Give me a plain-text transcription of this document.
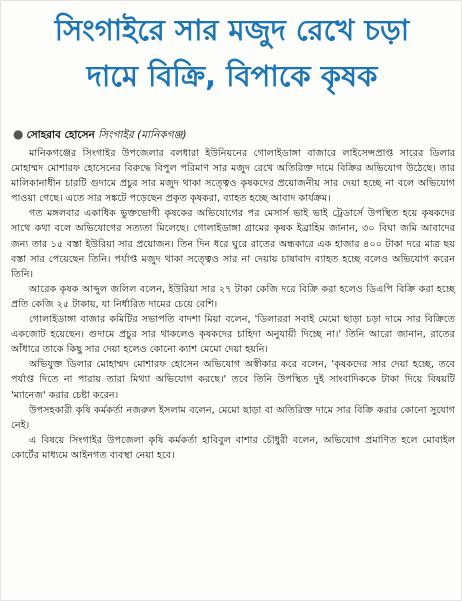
সিংগাইরে সার মজুদ রেখে চড়া
দামে বিক্রি, বিপাকে কৃষক
● সোহরাব হোসেন সিংগাইর (মানিকগঞ্জ)

মানিকগঞ্জের সিংগাইর উপজেলার বলধারা ইউনিয়নের গোলাইডাঙ্গা বাজারে লাইসেন্সপ্রাপ্ত সারের ডিলার মোহাম্মদ মোশারফ হোসেনের বিরুদ্ধে বিপুল পরিমাণ সার মজুদ রেখে অতিরিক্ত দামে বিক্রির অভিযোগ উঠেছে। তার মালিকানাধীন চারটি গুদামে প্রচুর সার মজুদ থাকা সত্ত্বেও কৃষকদের প্রয়োজনীয় সার দেয়া হচ্ছে না বলে অভিযোগ পাওয়া গেছে। এতে সার সঙ্কটে পড়েছেন প্রকৃত কৃষকরা, ব্যাহত হচ্ছে আবাদ কার্যক্রম।

গত মঙ্গলবার একাধিক ভুক্তভোগী কৃষকের অভিযোগের পর মেসার্স ভাই ভাই ট্রেডার্সে উপস্থিত হয়ে কৃষকদের সাথে কথা বলে অভিযোগের সত্যতা মিলেছে। গোলাইডাঙ্গা গ্রামের কৃষক ইব্রাহিম জানান, ৩০ বিঘা জমি আবাদের জন্য তার ১৫ বস্তা ইউরিয়া সার প্রয়োজন। তিন দিন ধরে ঘুরে রাতের অন্ধকারে এক হাজার ৪০০ টাকা দরে মাত্র ছয় বস্তা সার পেয়েছেন তিনি। পর্যাপ্ত মজুদ থাকা সত্ত্বেও সার না দেয়ায় চাষাবাদ ব্যাহত হচ্ছে বলেও অভিযোগ করেন তিনি।

আরেক কৃষক আব্দুল জলিল বলেন, ইউরিয়া সার ২৭ টাকা কেজি দরে বিক্রি করা হলেও ডিএপি বিক্রি করা হচ্ছে প্রতি কেজি ২৫ টাকায়, যা নির্ধারিত দামের চেয়ে বেশি।

গোলাইডাঙ্গা বাজার কমিটির সভাপতি বাদশা মিয়া বলেন, 'ডিলাররা সবাই মেমো ছাড়া চড়া দামে সার বিক্রিতে একজোট হয়েছেন। গুদামে প্রচুর সার থাকলেও কৃষকদের চাহিদা অনুযায়ী দিচ্ছে না।' তিনি আরো জানান, রাতের আঁধারে তাকে কিছু সার দেয়া হলেও কোনো ক্যাশ মেমো দেয়া হয়নি।

অভিযুক্ত ডিলার মোহাম্মদ মোশারফ হোসেন অভিযোগ অস্বীকার করে বলেন, 'কৃষকদের সার দেয়া হচ্ছে, তবে পর্যাপ্ত দিতে না পারায় তারা মিথ্যা অভিযোগ করছে।' তবে তিনি উপস্থিত দুই সাংবাদিককে টাকা দিয়ে বিষয়টি 'ম্যানেজ' করার চেষ্টা করেন।

উপসহকারী কৃষি কর্মকর্তা নজরুল ইসলাম বলেন, মেমো ছাড়া বা অতিরিক্ত দামে সার বিক্রি করার কোনো সুযোগ নেই।

এ বিষয়ে সিংগাইর উপজেলা কৃষি কর্মকর্তা হাবিবুল বাশার চৌধুরী বলেন, অভিযোগ প্রমাণিত হলে মোবাইল কোর্টের মাধ্যমে আইনগত ব্যবস্থা নেয়া হবে।
